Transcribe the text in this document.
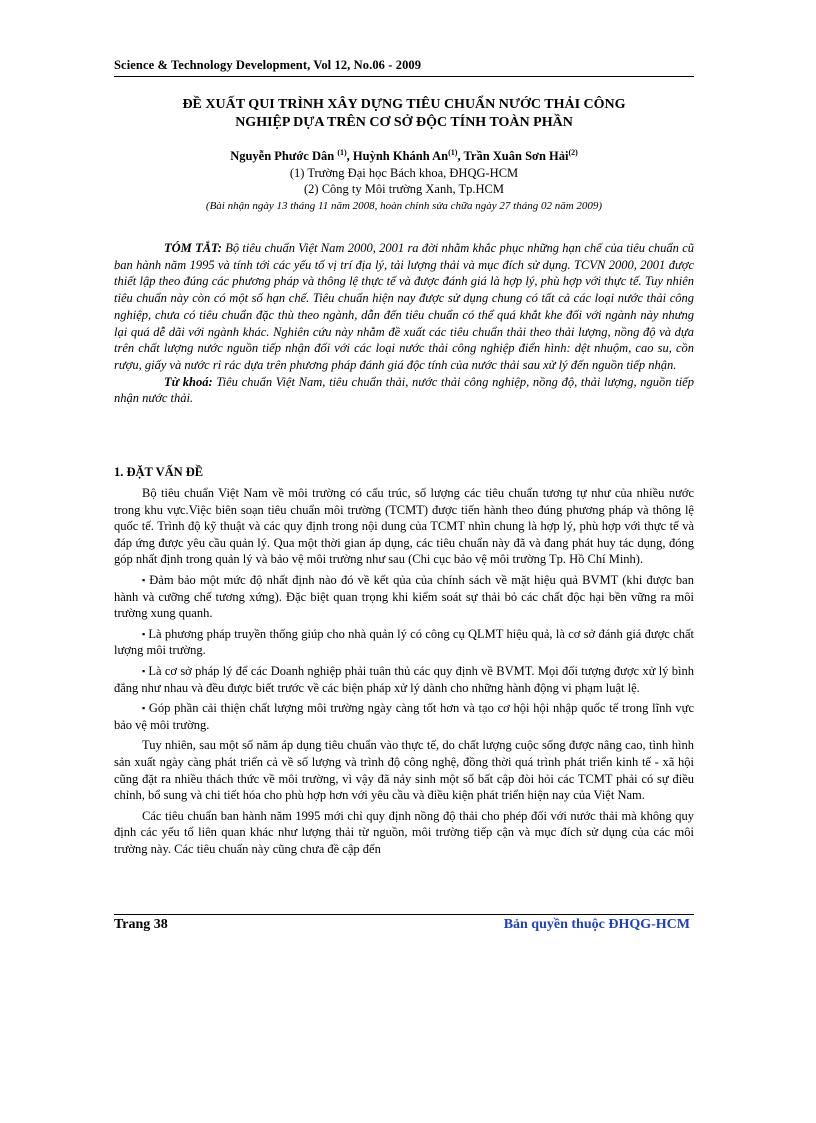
Science & Technology Development, Vol 12, No.06 - 2009
ĐỀ XUẤT QUI TRÌNH XÂY DỰNG TIÊU CHUẨN NƯỚC THẢI CÔNG
NGHIỆP DỰA TRÊN CƠ SỞ ĐỘC TÍNH TOÀN PHẦN
Nguyễn Phước Dân $^{(1)}$, Huỳnh Khánh An$^{(1)}$, Trần Xuân Sơn Hải$^{(2)}$
(1) Trường Đại học Bách khoa, ĐHQG-HCM
(2) Công ty Môi trường Xanh, Tp.HCM
(Bài nhận ngày 13 tháng 11 năm 2008, hoàn chỉnh sửa chữa ngày 27 tháng 02 năm 2009)

TÓM TẮT: Bộ tiêu chuẩn Việt Nam 2000, 2001 ra đời nhằm khắc phục những hạn chế của tiêu chuẩn cũ ban hành năm 1995 và tính tới các yếu tố vị trí địa lý, tải lượng thải và mục đích sử dụng. TCVN 2000, 2001 được thiết lập theo đúng các phương pháp và thông lệ thực tế và được đánh giá là hợp lý, phù hợp với thực tế. Tuy nhiên tiêu chuẩn này còn có một số hạn chế. Tiêu chuẩn hiện nay được sử dụng chung có tất cả các loại nước thải công nghiệp, chưa có tiêu chuẩn đặc thù theo ngành, dẫn đến tiêu chuẩn có thể quá khắt khe đối với ngành này nhưng lại quá dễ dãi với ngành khác. Nghiên cứu này nhằm đề xuất các tiêu chuẩn thải theo thải lượng, nồng độ và dựa trên chất lượng nước nguồn tiếp nhận đối với các loại nước thải công nghiệp điển hình: dệt nhuộm, cao su, cồn rượu, giấy và nước rỉ rác dựa trên phương pháp đánh giá độc tính của nước thải sau xử lý đến nguồn tiếp nhận.

Từ khoá: Tiêu chuẩn Việt Nam, tiêu chuẩn thải, nước thải công nghiệp, nồng độ, thải lượng, nguồn tiếp nhận nước thải.

1. ĐẶT VẤN ĐỀ

Bộ tiêu chuẩn Việt Nam về môi trường có cấu trúc, số lượng các tiêu chuẩn tương tự như của nhiều nước trong khu vực.Việc biên soạn tiêu chuẩn môi trường (TCMT) được tiến hành theo đúng phương pháp và thông lệ quốc tế. Trình độ kỹ thuật và các quy định trong nội dung của TCMT nhìn chung là hợp lý, phù hợp với thực tế và đáp ứng được yêu cầu quản lý. Qua một thời gian áp dụng, các tiêu chuẩn này đã và đang phát huy tác dụng, đóng góp nhất định trong quản lý và bảo vệ môi trường như sau (Chi cục bảo vệ môi trường Tp. Hồ Chí Minh).

▪ Đảm bảo một mức độ nhất định nào đó về kết qủa của chính sách về mặt hiệu quả BVMT (khi được ban hành và cưỡng chế tương xứng). Đặc biệt quan trọng khi kiểm soát sự thải bỏ các chất độc hại bền vững ra môi trường xung quanh.

▪ Là phương pháp truyền thống giúp cho nhà quản lý có công cụ QLMT hiệu quả, là cơ sở đánh giá được chất lượng môi trường.

▪ Là cơ sở pháp lý để các Doanh nghiệp phải tuân thủ các quy định về BVMT. Mọi đối tượng được xử lý bình đẳng như nhau và đều được biết trước về các biện pháp xử lý dành cho những hành động vi phạm luật lệ.

▪ Góp phần cải thiện chất lượng môi trường ngày càng tốt hơn và tạo cơ hội hội nhập quốc tế trong lĩnh vực bảo vệ môi trường.

Tuy nhiên, sau một số năm áp dụng tiêu chuẩn vào thực tế, do chất lượng cuộc sống được nâng cao, tình hình sản xuất ngày càng phát triển cả về số lượng và trình độ công nghệ, đồng thời quá trình phát triển kinh tế - xã hội cũng đặt ra nhiều thách thức về môi trường, vì vậy đã nảy sinh một số bất cập đòi hỏi các TCMT phải có sự điều chỉnh, bổ sung và chi tiết hóa cho phù hợp hơn với yêu cầu và điều kiện phát triển hiện nay của Việt Nam.

Các tiêu chuẩn ban hành năm 1995 mới chỉ quy định nồng độ thải cho phép đối với nước thải mà không quy định các yếu tố liên quan khác như lượng thải từ nguồn, môi trường tiếp cận và mục đích sử dụng của các môi trường này. Các tiêu chuẩn này cũng chưa đề cập đến

Trang 38	Bản quyền thuộc ĐHQG-HCM
